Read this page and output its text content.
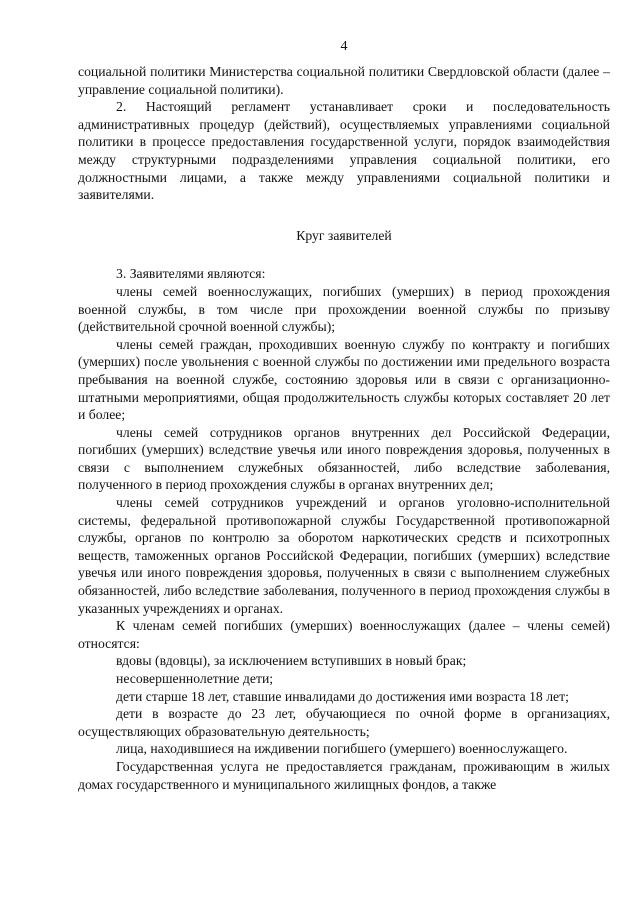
4

социальной политики Министерства социальной политики Свердловской области (далее – управление социальной политики).

2. Настоящий регламент устанавливает сроки и последовательность административных процедур (действий), осуществляемых управлениями социальной политики в процессе предоставления государственной услуги, порядок взаимодействия между структурными подразделениями управления социальной политики, его должностными лицами, а также между управлениями социальной политики и заявителями.

Круг заявителей

3. Заявителями являются:

члены семей военнослужащих, погибших (умерших) в период прохождения военной службы, в том числе при прохождении военной службы по призыву (действительной срочной военной службы);

члены семей граждан, проходивших военную службу по контракту и погибших (умерших) после увольнения с военной службы по достижении ими предельного возраста пребывания на военной службе, состоянию здоровья или в связи с организационно-штатными мероприятиями, общая продолжительность службы которых составляет 20 лет и более;

члены семей сотрудников органов внутренних дел Российской Федерации, погибших (умерших) вследствие увечья или иного повреждения здоровья, полученных в связи с выполнением служебных обязанностей, либо вследствие заболевания, полученного в период прохождения службы в органах внутренних дел;

члены семей сотрудников учреждений и органов уголовно-исполнительной системы, федеральной противопожарной службы Государственной противопожарной службы, органов по контролю за оборотом наркотических средств и психотропных веществ, таможенных органов Российской Федерации, погибших (умерших) вследствие увечья или иного повреждения здоровья, полученных в связи с выполнением служебных обязанностей, либо вследствие заболевания, полученного в период прохождения службы в указанных учреждениях и органах.

К членам семей погибших (умерших) военнослужащих (далее – члены семей) относятся:

вдовы (вдовцы), за исключением вступивших в новый брак;

несовершеннолетние дети;

дети старше 18 лет, ставшие инвалидами до достижения ими возраста 18 лет;

дети в возрасте до 23 лет, обучающиеся по очной форме в организациях, осуществляющих образовательную деятельность;

лица, находившиеся на иждивении погибшего (умершего) военнослужащего.

Государственная услуга не предоставляется гражданам, проживающим в жилых домах государственного и муниципального жилищных фондов, а также
